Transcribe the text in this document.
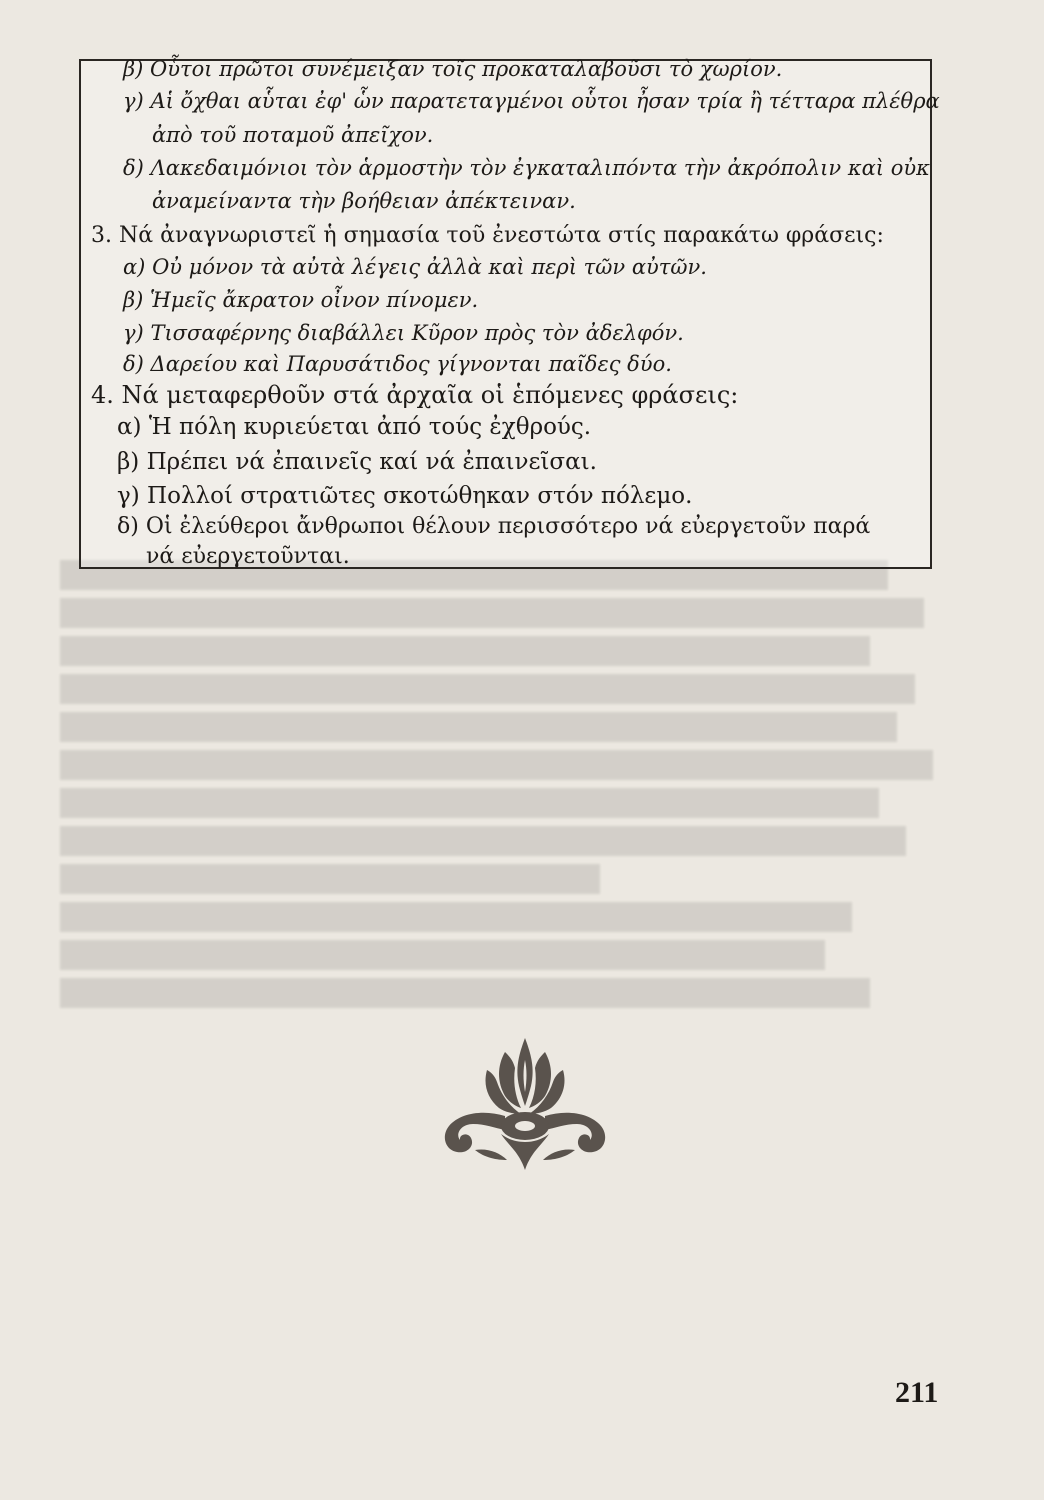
β) Οὗτοι πρῶτοι συνέμειξαν τοῖς προκαταλαβοῦσι τὸ χωρίον.
γ) Αἱ ὄχθαι αὗται ἐφ' ὧν παρατεταγμένοι οὗτοι ἦσαν τρία ἢ τέτταρα πλέθρα
ἀπὸ τοῦ ποταμοῦ ἀπεῖχον.
δ) Λακεδαιμόνιοι τὸν ἁρμοστὴν τὸν ἐγκαταλιπόντα τὴν ἀκρόπολιν καὶ οὐκ
ἀναμείναντα τὴν βοήθειαν ἀπέκτειναν.
3. Νά ἀναγνωριστεῖ ἡ σημασία τοῦ ἐνεστώτα στίς παρακάτω φράσεις:
α) Οὐ μόνον τὰ αὐτὰ λέγεις ἀλλὰ καὶ περὶ τῶν αὐτῶν.
β) Ἡμεῖς ἄκρατον οἶνον πίνομεν.
γ) Τισσαφέρνης διαβάλλει Κῦρον πρὸς τὸν ἀδελφόν.
δ) Δαρείου καὶ Παρυσάτιδος γίγνονται παῖδες δύο.
4. Νά μεταφερθοῦν στά ἀρχαῖα οἱ ἑπόμενες φράσεις:
α) Ἡ πόλη κυριεύεται ἀπό τούς ἐχθρούς.
β) Πρέπει νά ἐπαινεῖς καί νά ἐπαινεῖσαι.
γ) Πολλοί στρατιῶτες σκοτώθηκαν στόν πόλεμο.
δ) Οἱ ἐλεύθεροι ἄνθρωποι θέλουν περισσότερο νά εὐεργετοῦν παρά
νά εὐεργετοῦνται.
211
